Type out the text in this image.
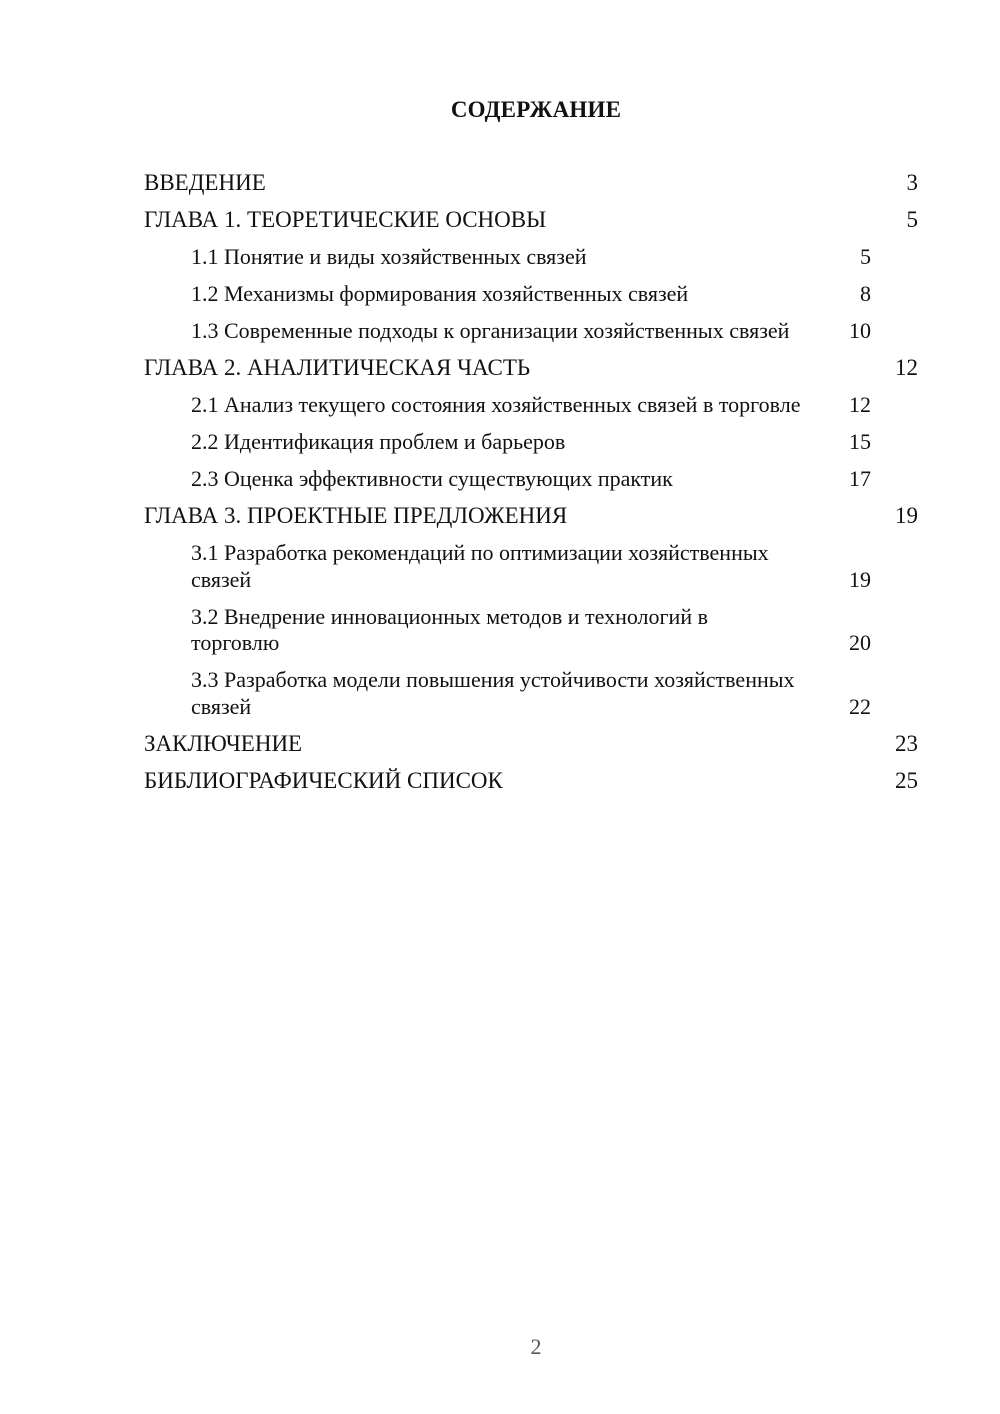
СОДЕРЖАНИЕ
ВВЕДЕНИЕ	3
ГЛАВА 1. ТЕОРЕТИЧЕСКИЕ ОСНОВЫ	5
1.1 Понятие и виды хозяйственных связей	5
1.2 Механизмы формирования хозяйственных связей	8
1.3 Современные подходы к организации хозяйственных связей	10
ГЛАВА 2. АНАЛИТИЧЕСКАЯ ЧАСТЬ	12
2.1 Анализ текущего состояния хозяйственных связей в торговле	12
2.2 Идентификация проблем и барьеров	15
2.3 Оценка эффективности существующих практик	17
ГЛАВА 3. ПРОЕКТНЫЕ ПРЕДЛОЖЕНИЯ	19
3.1 Разработка рекомендаций по оптимизации хозяйственных связей	19
3.2 Внедрение инновационных методов и технологий в торговлю	20
3.3 Разработка модели повышения устойчивости хозяйственных связей	22
ЗАКЛЮЧЕНИЕ	23
БИБЛИОГРАФИЧЕСКИЙ СПИСОК	25
2
